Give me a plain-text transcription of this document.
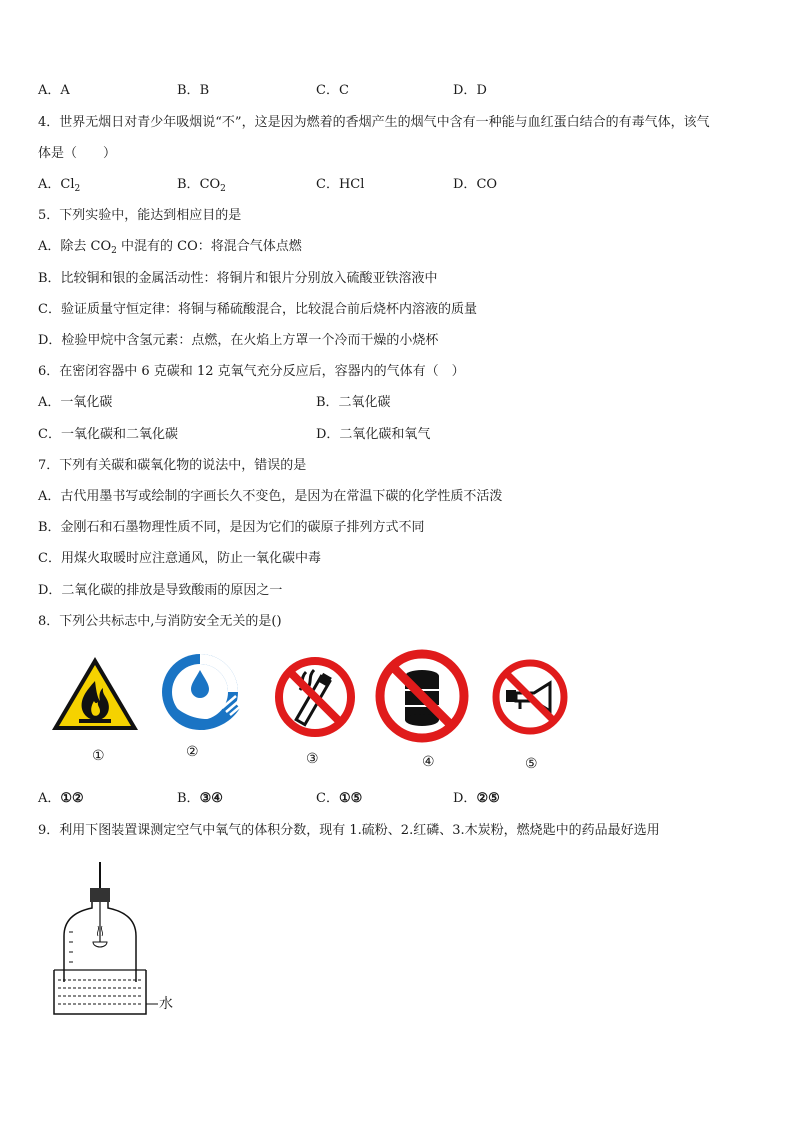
A．A	B．B	C．C	D．D
4．世界无烟日对青少年吸烟说“不”，这是因为燃着的香烟产生的烟气中含有一种能与血红蛋白结合的有毒气体，该气
体是（　　）
A．$Cl_2$	B．$CO_2$	C．HCl	D．CO
5．下列实验中，能达到相应目的是
A．除去 $CO_2$ 中混有的 CO：将混合气体点燃
B．比较铜和银的金属活动性：将铜片和银片分别放入硫酸亚铁溶液中
C．验证质量守恒定律：将铜与稀硫酸混合，比较混合前后烧杯内溶液的质量
D．检验甲烷中含氢元素：点燃，在火焰上方罩一个冷而干燥的小烧杯
6．在密闭容器中 6 克碳和 12 克氧气充分反应后，容器内的气体有（　）
A．一氧化碳	B．二氧化碳
C．一氧化碳和二氧化碳	D．二氧化碳和氧气
7．下列有关碳和碳氧化物的说法中，错误的是
A．古代用墨书写或绘制的字画长久不变色，是因为在常温下碳的化学性质不活泼
B．金刚石和石墨物理性质不同，是因为它们的碳原子排列方式不同
C．用煤火取暖时应注意通风，防止一氧化碳中毒
D．二氧化碳的排放是导致酸雨的原因之一
8．下列公共标志中,与消防安全无关的是()
①	②	③	④	⑤
A．①②	B．③④	C．①⑤	D．②⑤
9．利用下图装置课测定空气中氧气的体积分数，现有 1.硫粉、2.红磷、3.木炭粉，燃烧匙中的药品最好选用
水
